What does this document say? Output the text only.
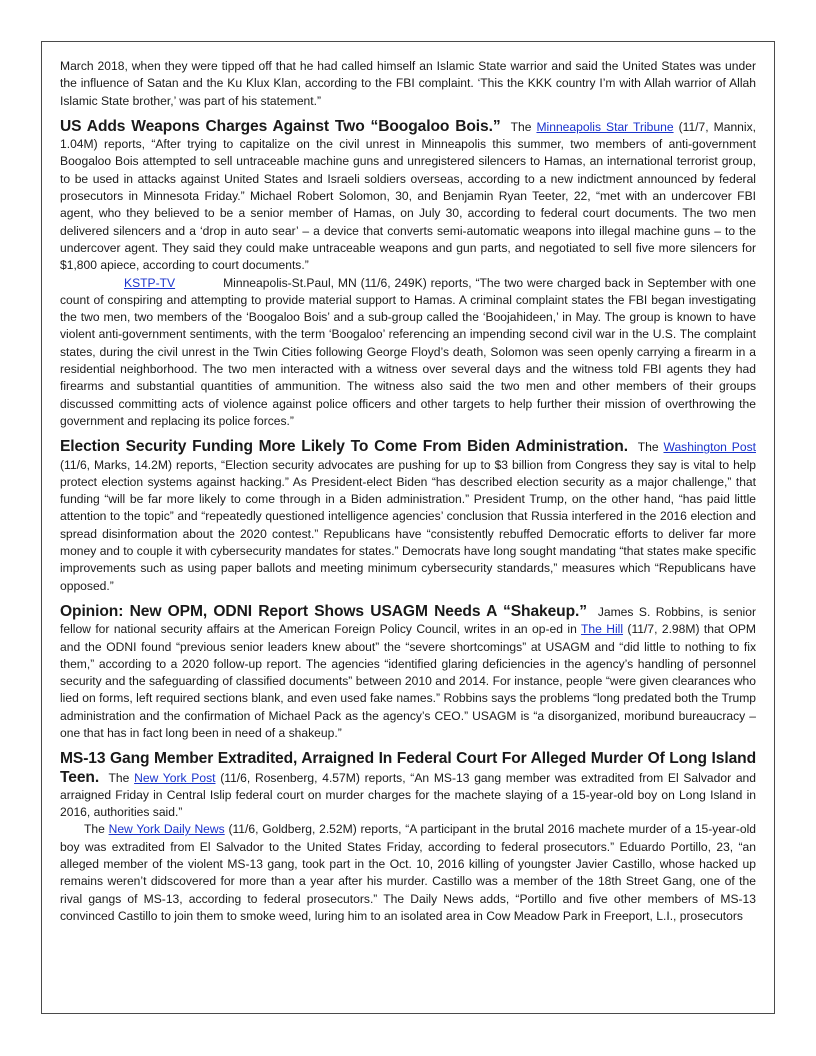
March 2018, when they were tipped off that he had called himself an Islamic State warrior and said the United States was under the influence of Satan and the Ku Klux Klan, according to the FBI complaint. ‘This the KKK country I’m with Allah warrior of Allah Islamic State brother,’ was part of his statement.”

US Adds Weapons Charges Against Two “Boogaloo Bois.” The Minneapolis Star Tribune (11/7, Mannix, 1.04M) reports, “After trying to capitalize on the civil unrest in Minneapolis this summer, two members of anti-government Boogaloo Bois attempted to sell untraceable machine guns and unregistered silencers to Hamas, an international terrorist group, to be used in attacks against United States and Israeli soldiers overseas, according to a new indictment announced by federal prosecutors in Minnesota Friday.” Michael Robert Solomon, 30, and Benjamin Ryan Teeter, 22, “met with an undercover FBI agent, who they believed to be a senior member of Hamas, on July 30, according to federal court documents. The two men delivered silencers and a ‘drop in auto sear’ – a device that converts semi-automatic weapons into illegal machine guns – to the undercover agent. They said they could make untraceable weapons and gun parts, and negotiated to sell five more silencers for $1,800 apiece, according to court documents.”

KSTP-TV	Minneapolis-St.Paul, MN (11/6, 249K) reports, “The two were charged back in September with one count of conspiring and attempting to provide material support to Hamas. A criminal complaint states the FBI began investigating the two men, two members of the ‘Boogaloo Bois’ and a sub-group called the ‘Boojahideen,’ in May. The group is known to have violent anti-government sentiments, with the term ‘Boogaloo’ referencing an impending second civil war in the U.S. The complaint states, during the civil unrest in the Twin Cities following George Floyd’s death, Solomon was seen openly carrying a firearm in a residential neighborhood. The two men interacted with a witness over several days and the witness told FBI agents they had firearms and substantial quantities of ammunition. The witness also said the two men and other members of their groups discussed committing acts of violence against police officers and other targets to help further their mission of overthrowing the government and replacing its police forces.”

Election Security Funding More Likely To Come From Biden Administration. The Washington Post (11/6, Marks, 14.2M) reports, “Election security advocates are pushing for up to $3 billion from Congress they say is vital to help protect election systems against hacking.” As President-elect Biden “has described election security as a major challenge,” that funding “will be far more likely to come through in a Biden administration.” President Trump, on the other hand, “has paid little attention to the topic” and “repeatedly questioned intelligence agencies’ conclusion that Russia interfered in the 2016 election and spread disinformation about the 2020 contest.” Republicans have “consistently rebuffed Democratic efforts to deliver far more money and to couple it with cybersecurity mandates for states.” Democrats have long sought mandating “that states make specific improvements such as using paper ballots and meeting minimum cybersecurity standards,” measures which “Republicans have opposed.”

Opinion: New OPM, ODNI Report Shows USAGM Needs A “Shakeup.” James S. Robbins, is senior fellow for national security affairs at the American Foreign Policy Council, writes in an op-ed in The Hill (11/7, 2.98M) that OPM and the ODNI found “previous senior leaders knew about” the “severe shortcomings” at USAGM and “did little to nothing to fix them,” according to a 2020 follow-up report. The agencies “identified glaring deficiencies in the agency’s handling of personnel security and the safeguarding of classified documents” between 2010 and 2014. For instance, people “were given clearances who lied on forms, left required sections blank, and even used fake names.” Robbins says the problems “long predated both the Trump administration and the confirmation of Michael Pack as the agency’s CEO.” USAGM is “a disorganized, moribund bureaucracy – one that has in fact long been in need of a shakeup.”

MS-13 Gang Member Extradited, Arraigned In Federal Court For Alleged Murder Of Long Island Teen. The New York Post (11/6, Rosenberg, 4.57M) reports, “An MS-13 gang member was extradited from El Salvador and arraigned Friday in Central Islip federal court on murder charges for the machete slaying of a 15-year-old boy on Long Island in 2016, authorities said.”

The New York Daily News (11/6, Goldberg, 2.52M) reports, “A participant in the brutal 2016 machete murder of a 15-year-old boy was extradited from El Salvador to the United States Friday, according to federal prosecutors.” Eduardo Portillo, 23, “an alleged member of the violent MS-13 gang, took part in the Oct. 10, 2016 killing of youngster Javier Castillo, whose hacked up remains weren’t didscovered for more than a year after his murder. Castillo was a member of the 18th Street Gang, one of the rival gangs of MS-13, according to federal prosecutors.” The Daily News adds, “Portillo and five other members of MS-13 convinced Castillo to join them to smoke weed, luring him to an isolated area in Cow Meadow Park in Freeport, L.I., prosecutors
